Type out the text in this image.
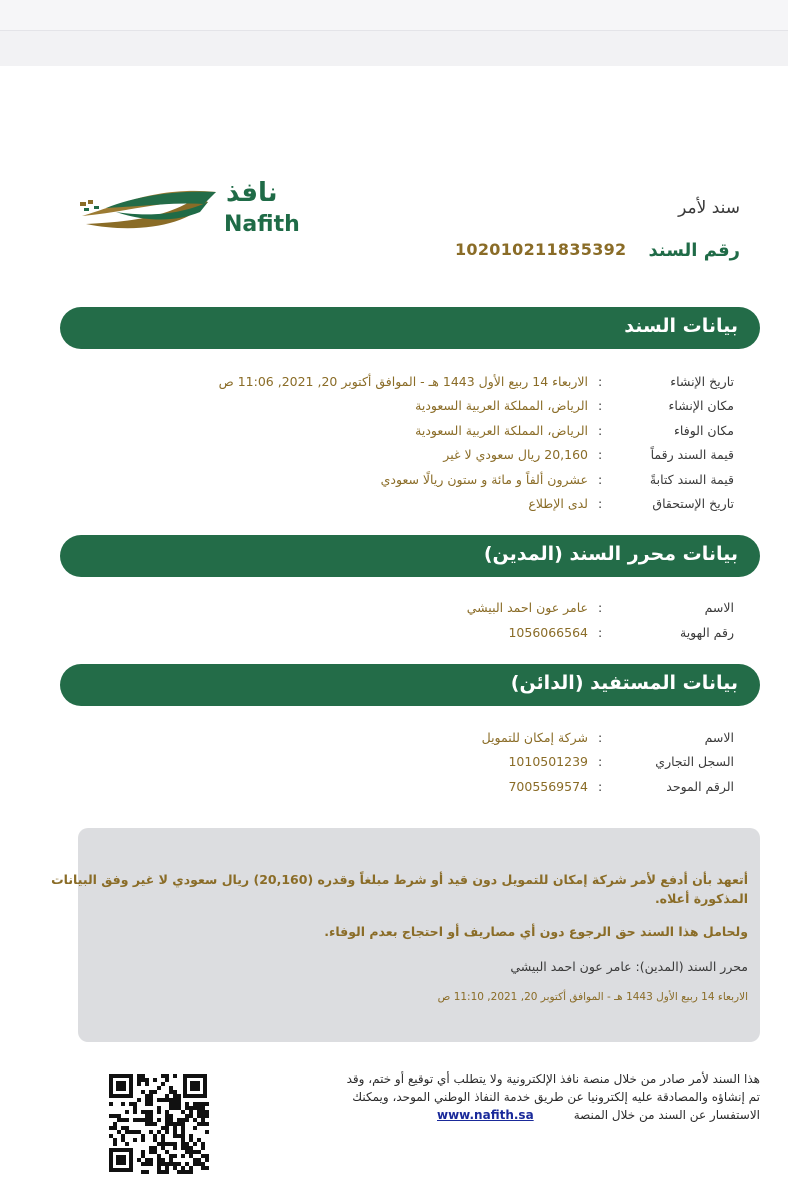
نافذ
Nafith
سند لأمر
رقم السند
102010211835392
بيانات السند
تاريخ الإنشاء
:
الاربعاء 14 ربيع الأول 1443 هـ - الموافق أكتوبر 20, 2021, 11:06 ص
مكان الإنشاء
:
الرياض، المملكة العربية السعودية
مكان الوفاء
:
الرياض، المملكة العربية السعودية
قيمة السند رقماً
:
20,160 ريال سعودي لا غير
قيمة السند كتابةً
:
عشرون ألفاً و مائة و ستون ريالًا سعودي
تاريخ الإستحقاق
:
لدى الإطلاع
بيانات محرر السند (المدين)
الاسم
:
عامر عون احمد البيشي
رقم الهوية
:
1056066564
بيانات المستفيد (الدائن)
الاسم
:
شركة إمكان للتمويل
السجل التجاري
:
1010501239
الرقم الموحد
:
7005569574
أتعهد بأن أدفع لأمر شركة إمكان للتمويل دون قيد أو شرط مبلغاً وقدره (20,160) ريال سعودي لا غير وفق البيانات
المذكورة أعلاه.
ولحامل هذا السند حق الرجوع دون أي مصاريف أو احتجاج بعدم الوفاء.
محرر السند (المدين): عامر عون احمد البيشي
الاربعاء 14 ربيع الأول 1443 هـ - الموافق أكتوبر 20, 2021, 11:10 ص
هذا السند لأمر صادر من خلال منصة نافذ الإلكترونية ولا يتطلب أي توقيع أو ختم، وقد
تم إنشاؤه والمصادقة عليه إلكترونيا عن طريق خدمة النفاذ الوطني الموحد، ويمكنك
الاستفسار عن السند من خلال المنصة
www.nafith.sa
